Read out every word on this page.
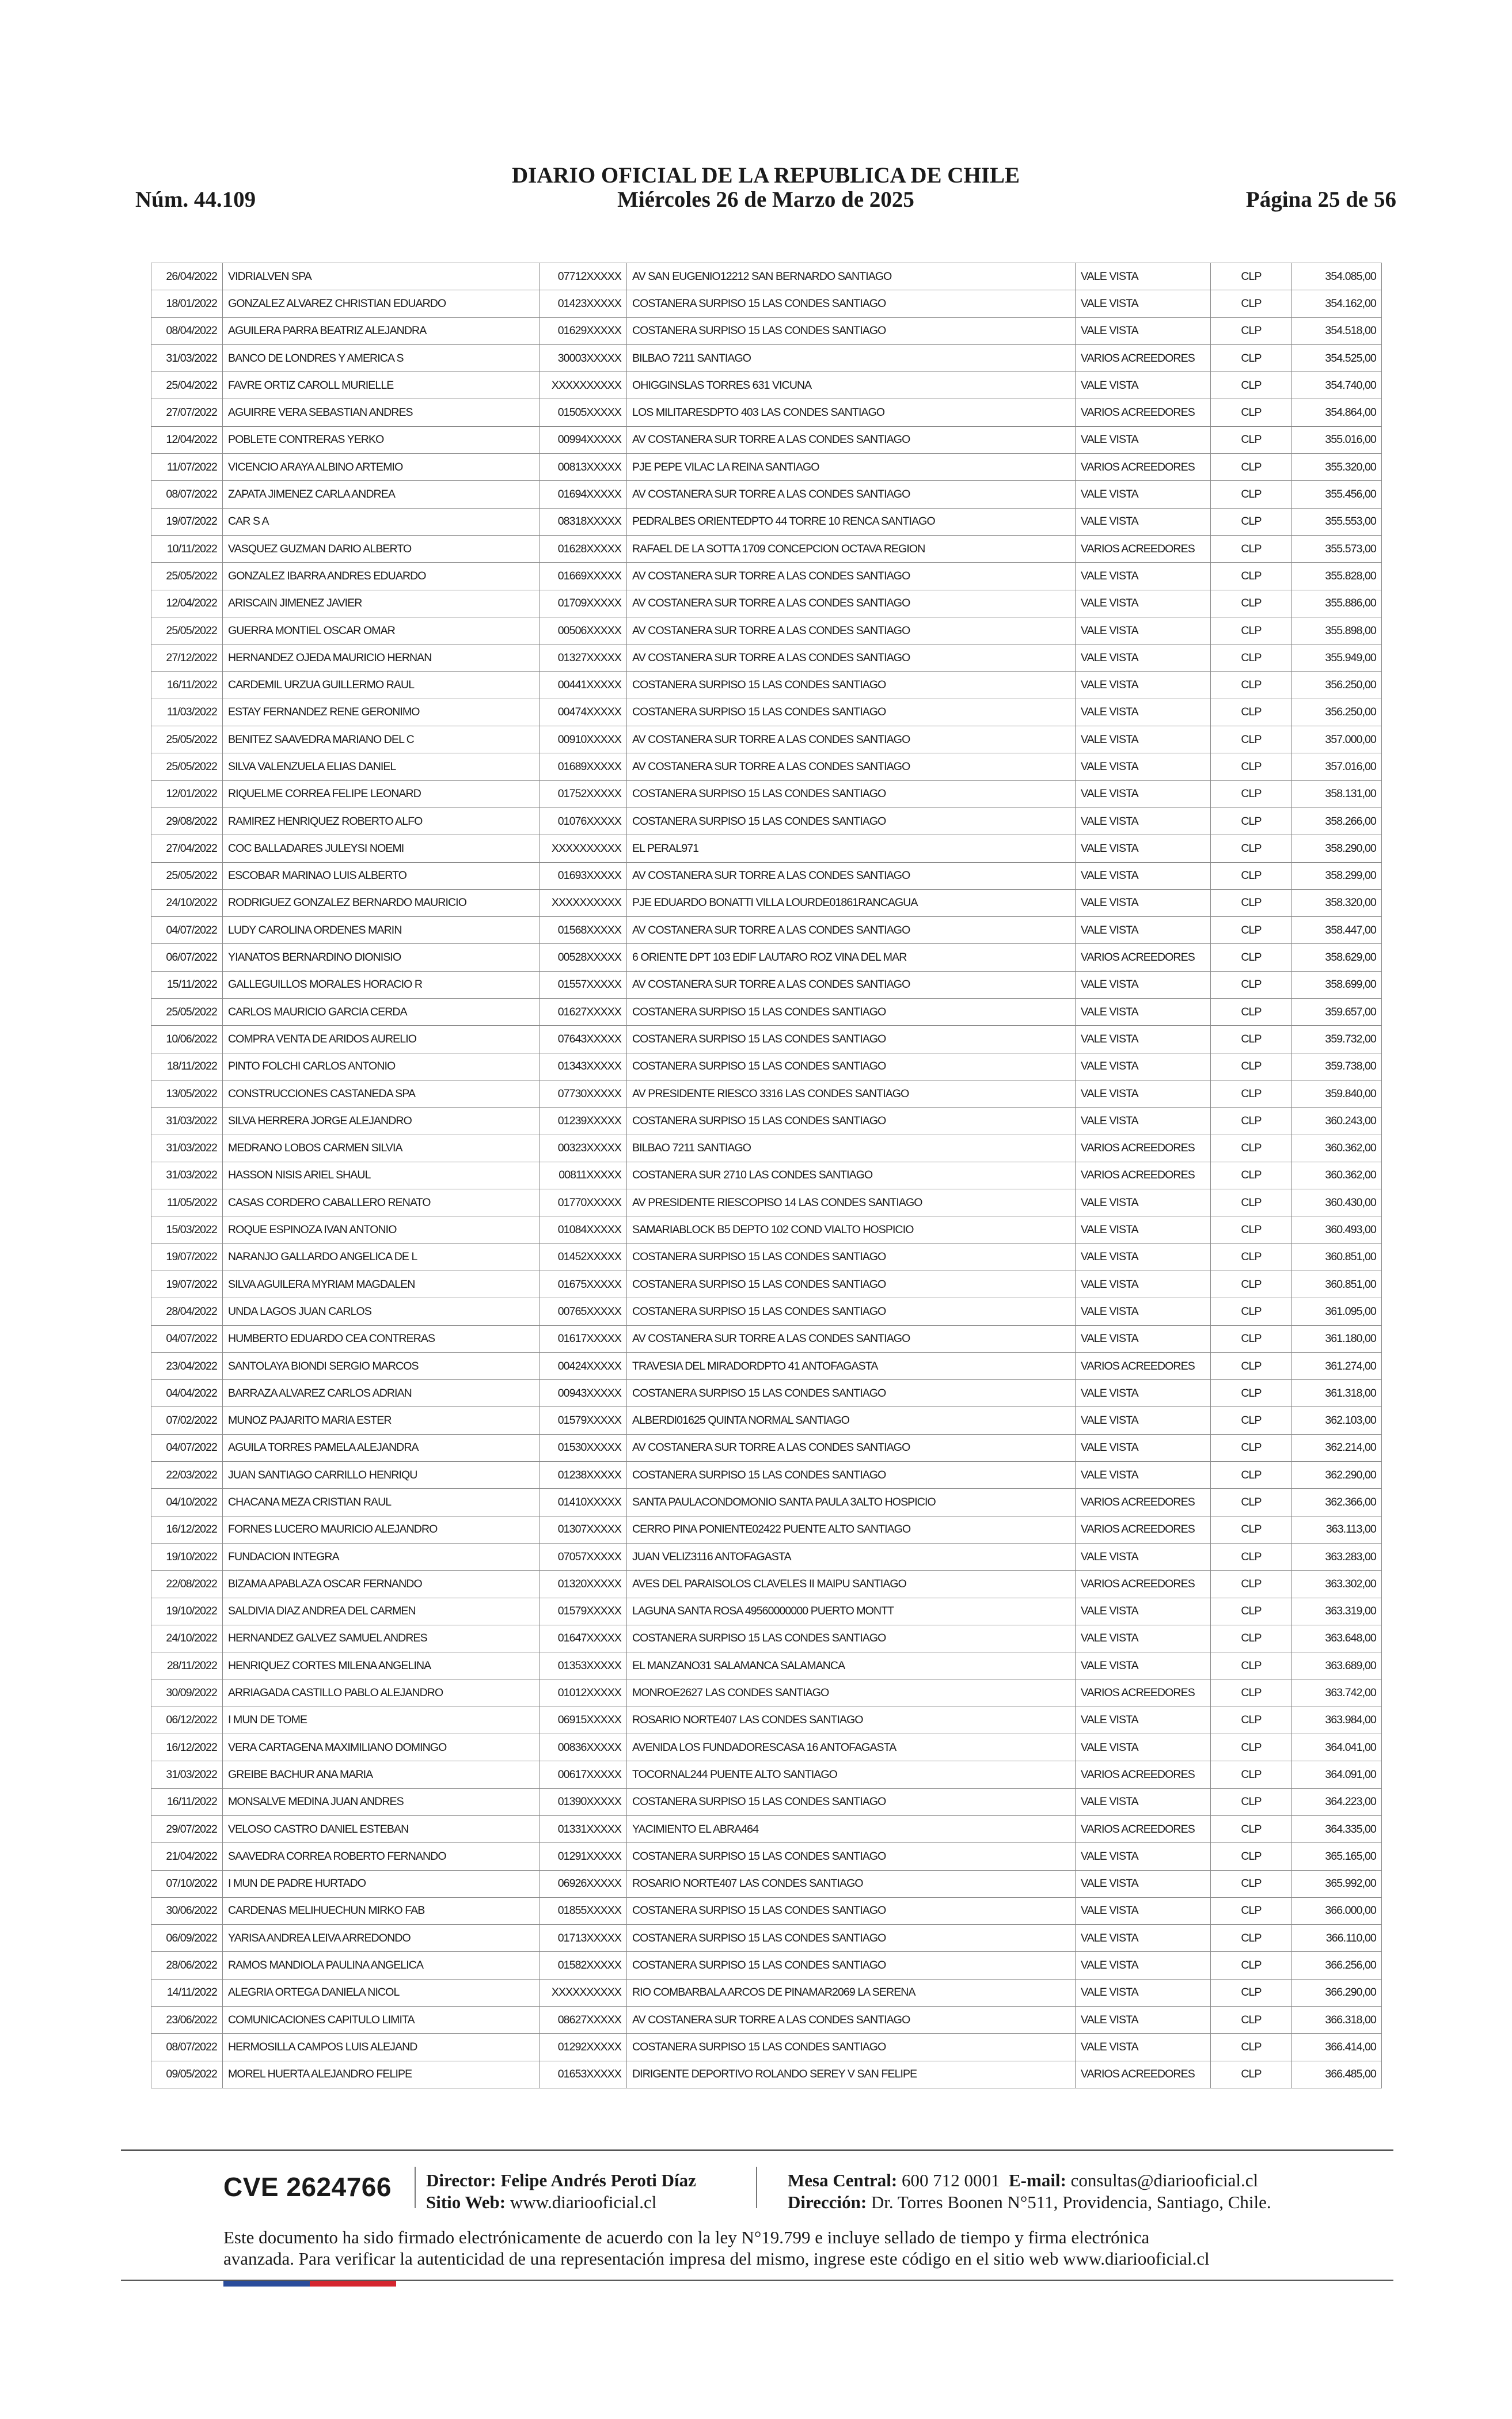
DIARIO OFICIAL DE LA REPUBLICA DE CHILE
Miércoles 26 de Marzo de 2025
Núm. 44.109	Página 25 de 56
26/04/2022	VIDRIALVEN SPA	07712XXXXX	AV SAN EUGENIO12212 SAN BERNARDO SANTIAGO	VALE VISTA	CLP	354.085,00
18/01/2022	GONZALEZ ALVAREZ CHRISTIAN EDUARDO	01423XXXXX	COSTANERA SURPISO 15 LAS CONDES SANTIAGO	VALE VISTA	CLP	354.162,00
08/04/2022	AGUILERA PARRA BEATRIZ ALEJANDRA	01629XXXXX	COSTANERA SURPISO 15 LAS CONDES SANTIAGO	VALE VISTA	CLP	354.518,00
31/03/2022	BANCO DE LONDRES Y AMERICA S	30003XXXXX	BILBAO 7211 SANTIAGO	VARIOS ACREEDORES	CLP	354.525,00
25/04/2022	FAVRE ORTIZ CAROLL MURIELLE	XXXXXXXXXX	OHIGGINSLAS TORRES 631 VICUNA	VALE VISTA	CLP	354.740,00
27/07/2022	AGUIRRE VERA SEBASTIAN ANDRES	01505XXXXX	LOS MILITARESDPTO 403 LAS CONDES SANTIAGO	VARIOS ACREEDORES	CLP	354.864,00
12/04/2022	POBLETE CONTRERAS YERKO	00994XXXXX	AV COSTANERA SUR TORRE A LAS CONDES SANTIAGO	VALE VISTA	CLP	355.016,00
11/07/2022	VICENCIO ARAYA ALBINO ARTEMIO	00813XXXXX	PJE PEPE VILAC LA REINA SANTIAGO	VARIOS ACREEDORES	CLP	355.320,00
08/07/2022	ZAPATA JIMENEZ CARLA ANDREA	01694XXXXX	AV COSTANERA SUR TORRE A LAS CONDES SANTIAGO	VALE VISTA	CLP	355.456,00
19/07/2022	CAR S A	08318XXXXX	PEDRALBES ORIENTEDPTO 44 TORRE 10 RENCA SANTIAGO	VALE VISTA	CLP	355.553,00
10/11/2022	VASQUEZ GUZMAN DARIO ALBERTO	01628XXXXX	RAFAEL DE LA SOTTA 1709 CONCEPCION OCTAVA REGION	VARIOS ACREEDORES	CLP	355.573,00
25/05/2022	GONZALEZ IBARRA ANDRES EDUARDO	01669XXXXX	AV COSTANERA SUR TORRE A LAS CONDES SANTIAGO	VALE VISTA	CLP	355.828,00
12/04/2022	ARISCAIN JIMENEZ JAVIER	01709XXXXX	AV COSTANERA SUR TORRE A LAS CONDES SANTIAGO	VALE VISTA	CLP	355.886,00
25/05/2022	GUERRA MONTIEL OSCAR OMAR	00506XXXXX	AV COSTANERA SUR TORRE A LAS CONDES SANTIAGO	VALE VISTA	CLP	355.898,00
27/12/2022	HERNANDEZ OJEDA MAURICIO HERNAN	01327XXXXX	AV COSTANERA SUR TORRE A LAS CONDES SANTIAGO	VALE VISTA	CLP	355.949,00
16/11/2022	CARDEMIL URZUA GUILLERMO RAUL	00441XXXXX	COSTANERA SURPISO 15 LAS CONDES SANTIAGO	VALE VISTA	CLP	356.250,00
11/03/2022	ESTAY FERNANDEZ RENE GERONIMO	00474XXXXX	COSTANERA SURPISO 15 LAS CONDES SANTIAGO	VALE VISTA	CLP	356.250,00
25/05/2022	BENITEZ SAAVEDRA MARIANO DEL C	00910XXXXX	AV COSTANERA SUR TORRE A LAS CONDES SANTIAGO	VALE VISTA	CLP	357.000,00
25/05/2022	SILVA VALENZUELA ELIAS DANIEL	01689XXXXX	AV COSTANERA SUR TORRE A LAS CONDES SANTIAGO	VALE VISTA	CLP	357.016,00
12/01/2022	RIQUELME CORREA FELIPE LEONARD	01752XXXXX	COSTANERA SURPISO 15 LAS CONDES SANTIAGO	VALE VISTA	CLP	358.131,00
29/08/2022	RAMIREZ HENRIQUEZ ROBERTO ALFO	01076XXXXX	COSTANERA SURPISO 15 LAS CONDES SANTIAGO	VALE VISTA	CLP	358.266,00
27/04/2022	COC BALLADARES JULEYSI NOEMI	XXXXXXXXXX	EL PERAL971	VALE VISTA	CLP	358.290,00
25/05/2022	ESCOBAR MARINAO LUIS ALBERTO	01693XXXXX	AV COSTANERA SUR TORRE A LAS CONDES SANTIAGO	VALE VISTA	CLP	358.299,00
24/10/2022	RODRIGUEZ GONZALEZ BERNARDO MAURICIO	XXXXXXXXXX	PJE EDUARDO BONATTI VILLA LOURDE01861RANCAGUA	VALE VISTA	CLP	358.320,00
04/07/2022	LUDY CAROLINA ORDENES MARIN	01568XXXXX	AV COSTANERA SUR TORRE A LAS CONDES SANTIAGO	VALE VISTA	CLP	358.447,00
06/07/2022	YIANATOS BERNARDINO DIONISIO	00528XXXXX	6 ORIENTE DPT 103 EDIF LAUTARO ROZ VINA DEL MAR	VARIOS ACREEDORES	CLP	358.629,00
15/11/2022	GALLEGUILLOS MORALES HORACIO R	01557XXXXX	AV COSTANERA SUR TORRE A LAS CONDES SANTIAGO	VALE VISTA	CLP	358.699,00
25/05/2022	CARLOS MAURICIO GARCIA CERDA	01627XXXXX	COSTANERA SURPISO 15 LAS CONDES SANTIAGO	VALE VISTA	CLP	359.657,00
10/06/2022	COMPRA VENTA DE ARIDOS AURELIO	07643XXXXX	COSTANERA SURPISO 15 LAS CONDES SANTIAGO	VALE VISTA	CLP	359.732,00
18/11/2022	PINTO FOLCHI CARLOS ANTONIO	01343XXXXX	COSTANERA SURPISO 15 LAS CONDES SANTIAGO	VALE VISTA	CLP	359.738,00
13/05/2022	CONSTRUCCIONES CASTANEDA SPA	07730XXXXX	AV PRESIDENTE RIESCO 3316 LAS CONDES SANTIAGO	VALE VISTA	CLP	359.840,00
31/03/2022	SILVA HERRERA JORGE ALEJANDRO	01239XXXXX	COSTANERA SURPISO 15 LAS CONDES SANTIAGO	VALE VISTA	CLP	360.243,00
31/03/2022	MEDRANO LOBOS CARMEN SILVIA	00323XXXXX	BILBAO 7211 SANTIAGO	VARIOS ACREEDORES	CLP	360.362,00
31/03/2022	HASSON NISIS ARIEL SHAUL	00811XXXXX	COSTANERA SUR 2710 LAS CONDES SANTIAGO	VARIOS ACREEDORES	CLP	360.362,00
11/05/2022	CASAS CORDERO CABALLERO RENATO	01770XXXXX	AV PRESIDENTE RIESCOPISO 14 LAS CONDES SANTIAGO	VALE VISTA	CLP	360.430,00
15/03/2022	ROQUE ESPINOZA IVAN ANTONIO	01084XXXXX	SAMARIABLOCK B5 DEPTO 102 COND VIALTO HOSPICIO	VALE VISTA	CLP	360.493,00
19/07/2022	NARANJO GALLARDO ANGELICA DE L	01452XXXXX	COSTANERA SURPISO 15 LAS CONDES SANTIAGO	VALE VISTA	CLP	360.851,00
19/07/2022	SILVA AGUILERA MYRIAM MAGDALEN	01675XXXXX	COSTANERA SURPISO 15 LAS CONDES SANTIAGO	VALE VISTA	CLP	360.851,00
28/04/2022	UNDA LAGOS JUAN CARLOS	00765XXXXX	COSTANERA SURPISO 15 LAS CONDES SANTIAGO	VALE VISTA	CLP	361.095,00
04/07/2022	HUMBERTO EDUARDO CEA CONTRERAS	01617XXXXX	AV COSTANERA SUR TORRE A LAS CONDES SANTIAGO	VALE VISTA	CLP	361.180,00
23/04/2022	SANTOLAYA BIONDI SERGIO MARCOS	00424XXXXX	TRAVESIA DEL MIRADORDPTO 41 ANTOFAGASTA	VARIOS ACREEDORES	CLP	361.274,00
04/04/2022	BARRAZA ALVAREZ CARLOS ADRIAN	00943XXXXX	COSTANERA SURPISO 15 LAS CONDES SANTIAGO	VALE VISTA	CLP	361.318,00
07/02/2022	MUNOZ PAJARITO MARIA ESTER	01579XXXXX	ALBERDI01625 QUINTA NORMAL SANTIAGO	VALE VISTA	CLP	362.103,00
04/07/2022	AGUILA TORRES PAMELA ALEJANDRA	01530XXXXX	AV COSTANERA SUR TORRE A LAS CONDES SANTIAGO	VALE VISTA	CLP	362.214,00
22/03/2022	JUAN SANTIAGO CARRILLO HENRIQU	01238XXXXX	COSTANERA SURPISO 15 LAS CONDES SANTIAGO	VALE VISTA	CLP	362.290,00
04/10/2022	CHACANA MEZA CRISTIAN RAUL	01410XXXXX	SANTA PAULACONDOMONIO SANTA PAULA 3ALTO HOSPICIO	VARIOS ACREEDORES	CLP	362.366,00
16/12/2022	FORNES LUCERO MAURICIO ALEJANDRO	01307XXXXX	CERRO PINA PONIENTE02422 PUENTE ALTO SANTIAGO	VARIOS ACREEDORES	CLP	363.113,00
19/10/2022	FUNDACION INTEGRA	07057XXXXX	JUAN VELIZ3116 ANTOFAGASTA	VALE VISTA	CLP	363.283,00
22/08/2022	BIZAMA APABLAZA OSCAR FERNANDO	01320XXXXX	AVES DEL PARAISOLOS CLAVELES II MAIPU SANTIAGO	VARIOS ACREEDORES	CLP	363.302,00
19/10/2022	SALDIVIA DIAZ ANDREA DEL CARMEN	01579XXXXX	LAGUNA SANTA ROSA 49560000000 PUERTO MONTT	VALE VISTA	CLP	363.319,00
24/10/2022	HERNANDEZ GALVEZ SAMUEL ANDRES	01647XXXXX	COSTANERA SURPISO 15 LAS CONDES SANTIAGO	VALE VISTA	CLP	363.648,00
28/11/2022	HENRIQUEZ CORTES MILENA ANGELINA	01353XXXXX	EL MANZANO31 SALAMANCA SALAMANCA	VALE VISTA	CLP	363.689,00
30/09/2022	ARRIAGADA CASTILLO PABLO ALEJANDRO	01012XXXXX	MONROE2627 LAS CONDES SANTIAGO	VARIOS ACREEDORES	CLP	363.742,00
06/12/2022	I MUN DE TOME	06915XXXXX	ROSARIO NORTE407 LAS CONDES SANTIAGO	VALE VISTA	CLP	363.984,00
16/12/2022	VERA CARTAGENA MAXIMILIANO DOMINGO	00836XXXXX	AVENIDA LOS FUNDADORESCASA 16 ANTOFAGASTA	VALE VISTA	CLP	364.041,00
31/03/2022	GREIBE BACHUR ANA MARIA	00617XXXXX	TOCORNAL244 PUENTE ALTO SANTIAGO	VARIOS ACREEDORES	CLP	364.091,00
16/11/2022	MONSALVE MEDINA JUAN ANDRES	01390XXXXX	COSTANERA SURPISO 15 LAS CONDES SANTIAGO	VALE VISTA	CLP	364.223,00
29/07/2022	VELOSO CASTRO DANIEL ESTEBAN	01331XXXXX	YACIMIENTO EL ABRA464	VARIOS ACREEDORES	CLP	364.335,00
21/04/2022	SAAVEDRA CORREA ROBERTO FERNANDO	01291XXXXX	COSTANERA SURPISO 15 LAS CONDES SANTIAGO	VALE VISTA	CLP	365.165,00
07/10/2022	I MUN DE PADRE HURTADO	06926XXXXX	ROSARIO NORTE407 LAS CONDES SANTIAGO	VALE VISTA	CLP	365.992,00
30/06/2022	CARDENAS MELIHUECHUN MIRKO FAB	01855XXXXX	COSTANERA SURPISO 15 LAS CONDES SANTIAGO	VALE VISTA	CLP	366.000,00
06/09/2022	YARISA ANDREA LEIVA ARREDONDO	01713XXXXX	COSTANERA SURPISO 15 LAS CONDES SANTIAGO	VALE VISTA	CLP	366.110,00
28/06/2022	RAMOS MANDIOLA PAULINA ANGELICA	01582XXXXX	COSTANERA SURPISO 15 LAS CONDES SANTIAGO	VALE VISTA	CLP	366.256,00
14/11/2022	ALEGRIA ORTEGA DANIELA NICOL	XXXXXXXXXX	RIO COMBARBALA ARCOS DE PINAMAR2069 LA SERENA	VALE VISTA	CLP	366.290,00
23/06/2022	COMUNICACIONES CAPITULO LIMITA	08627XXXXX	AV COSTANERA SUR TORRE A LAS CONDES SANTIAGO	VALE VISTA	CLP	366.318,00
08/07/2022	HERMOSILLA CAMPOS LUIS ALEJAND	01292XXXXX	COSTANERA SURPISO 15 LAS CONDES SANTIAGO	VALE VISTA	CLP	366.414,00
09/05/2022	MOREL HUERTA ALEJANDRO FELIPE	01653XXXXX	DIRIGENTE DEPORTIVO ROLANDO SEREY V SAN FELIPE	VARIOS ACREEDORES	CLP	366.485,00
CVE 2624766 Director: Felipe Andrés Peroti Díaz
Sitio Web: www.diariooficial.cl
Mesa Central: 600 712 0001 E-mail: consultas@diariooficial.cl
Dirección: Dr. Torres Boonen N°511, Providencia, Santiago, Chile.
Este documento ha sido firmado electrónicamente de acuerdo con la ley N°19.799 e incluye sellado de tiempo y firma electrónica
avanzada. Para verificar la autenticidad de una representación impresa del mismo, ingrese este código en el sitio web www.diariooficial.cl
